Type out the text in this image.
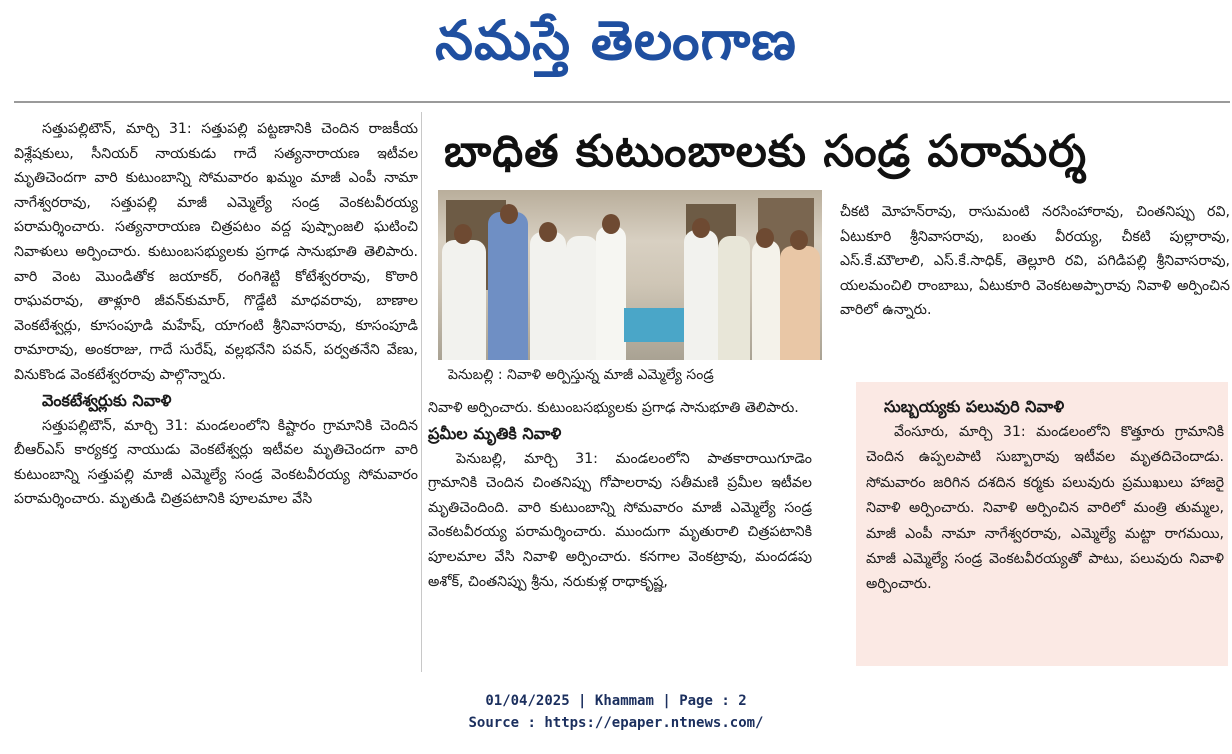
నమస్తే తెలంగాణ

సత్తుపల్లిటౌన్, మార్చి 31: సత్తుపల్లి పట్టణానికి చెందిన రాజకీయ విశ్లేషకులు, సీనియర్ నాయకుడు గాదే సత్యనారాయణ ఇటీవల మృతిచెందగా వారి కుటుంబాన్ని సోమవారం ఖమ్మం మాజీ ఎంపీ నామా నాగేశ్వరరావు, సత్తుపల్లి మాజీ ఎమ్మెల్యే సండ్ర వెంకటవీరయ్య పరామర్శించారు. సత్యనారాయణ చిత్రపటం వద్ద పుష్పాంజలి ఘటించి నివాళులు అర్పించారు. కుటుంబసభ్యులకు ప్రగాఢ సానుభూతి తెలిపారు. వారి వెంట మొండితోక జయాకర్, రంగిశెట్టి కోటేశ్వరరావు, కొఠారి రాఘవరావు, తాళ్లూరి జీవన్‌కుమార్, గొడ్డేటి మాధవరావు, బాణాల వెంకటేశ్వర్లు, కూసంపూడి మహేష్, యాగంటి శ్రీనివాసరావు, కూసంపూడి రామారావు, అంకరాజు, గాదే సురేష్, వల్లభనేని పవన్, పర్వతనేని వేణు, వినుకొండ వెంకటేశ్వరరావు పాల్గొన్నారు.

వెంకటేశ్వర్లుకు నివాళి

సత్తుపల్లిటౌన్, మార్చి 31: మండలంలోని కిష్టారం గ్రామానికి చెందిన బీఆర్ఎస్ కార్యకర్త నాయుడు వెంకటేశ్వర్లు ఇటీవల మృతిచెందగా వారి కుటుంబాన్ని సత్తుపల్లి మాజీ ఎమ్మెల్యే సండ్ర వెంకటవీరయ్య సోమవారం పరామర్శించారు. మృతుడి చిత్రపటానికి పూలమాల వేసి

బాధిత కుటుంబాలకు సండ్ర పరామర్శ
పెనుబల్లి : నివాళి అర్పిస్తున్న మాజీ ఎమ్మెల్యే సండ్ర

నివాళి అర్పించారు. కుటుంబసభ్యులకు ప్రగాఢ సానుభూతి తెలిపారు.

ప్రమీల మృతికి నివాళి

పెనుబల్లి, మార్చి 31: మండలంలోని పాతకారాయిగూడెం గ్రామానికి చెందిన చింతనిప్పు గోపాలరావు సతీమణి ప్రమీల ఇటీవల మృతిచెందింది. వారి కుటుంబాన్ని సోమవారం మాజీ ఎమ్మెల్యే సండ్ర వెంకటవీరయ్య పరామర్శించారు. ముందుగా మృతురాలి చిత్రపటానికి పూలమాల వేసి నివాళి అర్పించారు. కనగాల వెంకట్రావు, మందడపు అశోక్, చింతనిప్పు శ్రీను, నరుకుళ్ల రాధాకృష్ణ,

చీకటి మోహన్‌రావు, రాసుమంటి నరసింహారావు, చింతనిప్పు రవి, ఏటుకూరి శ్రీనివాసరావు, బంతు వీరయ్య, చీకటి పుల్లారావు, ఎస్.కే.మౌలాలి, ఎస్.కే.సాధిక్, తెల్లూరి రవి, పగిడిపల్లి శ్రీనివాసరావు, యలమంచిలి రాంబాబు, ఏటుకూరి వెంకటఅప్పారావు నివాళి అర్పించిన వారిలో ఉన్నారు.

సుబ్బయ్యకు పలువురి నివాళి

వేంసూరు, మార్చి 31: మండలంలోని కొత్తూరు గ్రామానికి చెందిన ఉప్పలపాటి సుబ్బారావు ఇటీవల మృతదిచెందాడు. సోమవారం జరిగిన దశదిన కర్మకు పలువురు ప్రముఖులు హాజరై నివాళి అర్పించారు. నివాళి అర్పించిన వారిలో మంత్రి తుమ్మల, మాజీ ఎంపీ నామా నాగేశ్వరరావు, ఎమ్మెల్యే మట్టా రాగమయి, మాజీ ఎమ్మెల్యే సండ్ర వెంకటవీరయ్యతో పాటు, పలువురు నివాళి అర్పించారు.

01/04/2025 | Khammam | Page : 2
Source : https://epaper.ntnews.com/
